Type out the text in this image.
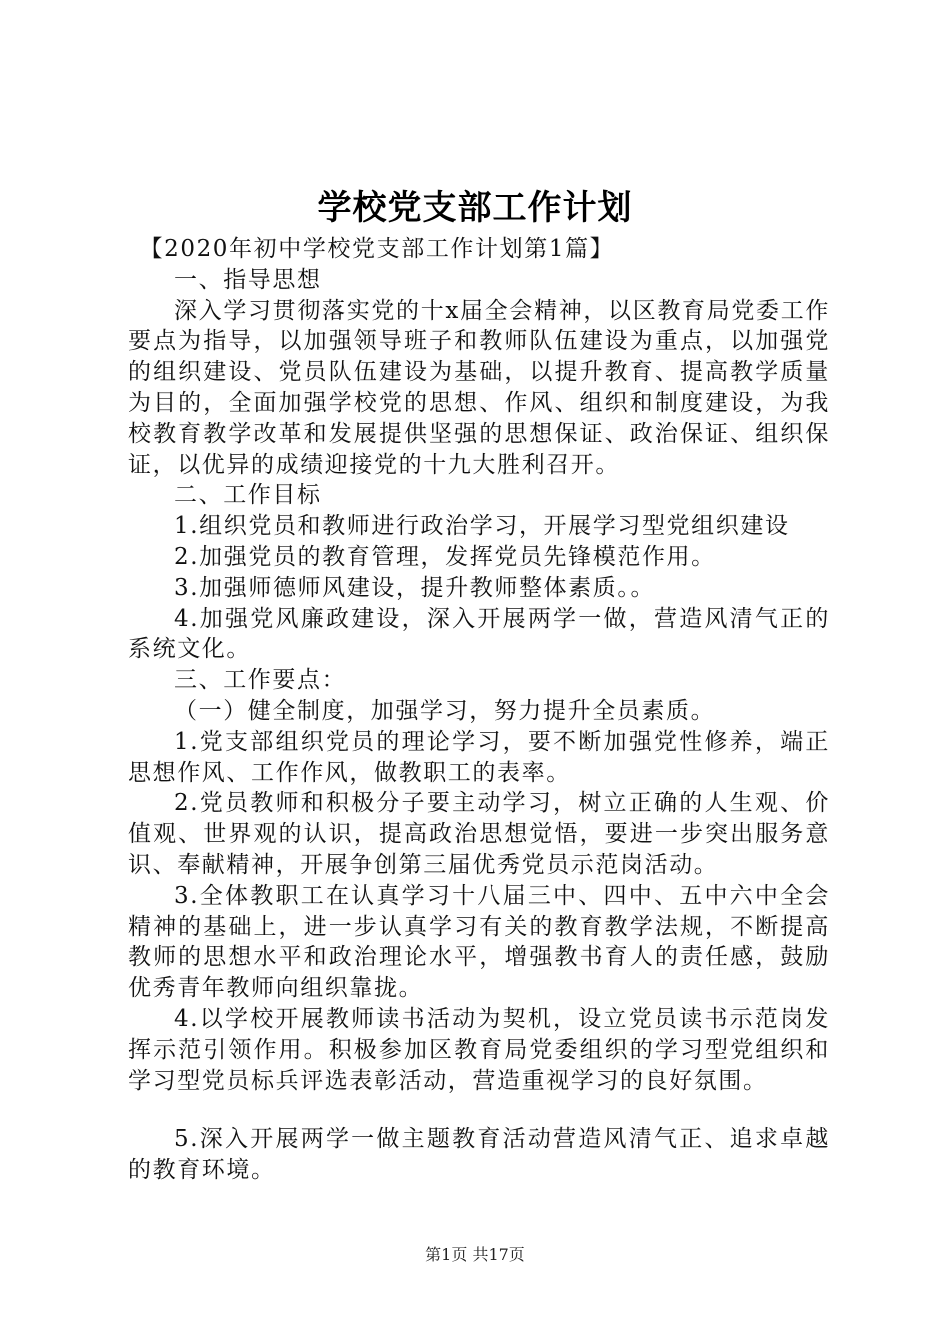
学校党支部工作计划

【2020年初中学校党支部工作计划第1篇】

一、指导思想

深入学习贯彻落实党的十x届全会精神，以区教育局党委工作要点为指导，以加强领导班子和教师队伍建设为重点，以加强党的组织建设、党员队伍建设为基础，以提升教育、提高教学质量为目的，全面加强学校党的思想、作风、组织和制度建设，为我校教育教学改革和发展提供坚强的思想保证、政治保证、组织保证，以优异的成绩迎接党的十九大胜利召开。

二、工作目标

1.组织党员和教师进行政治学习，开展学习型党组织建设

2.加强党员的教育管理，发挥党员先锋模范作用。

3.加强师德师风建设，提升教师整体素质。。

4.加强党风廉政建设，深入开展两学一做，营造风清气正的系统文化。

三、工作要点：

（一）健全制度，加强学习，努力提升全员素质。

1.党支部组织党员的理论学习，要不断加强党性修养，端正思想作风、工作作风，做教职工的表率。

2.党员教师和积极分子要主动学习，树立正确的人生观、价值观、世界观的认识，提高政治思想觉悟，要进一步突出服务意识、奉献精神，开展争创第三届优秀党员示范岗活动。

3.全体教职工在认真学习十八届三中、四中、五中六中全会精神的基础上，进一步认真学习有关的教育教学法规，不断提高教师的思想水平和政治理论水平，增强教书育人的责任感，鼓励优秀青年教师向组织靠拢。

4.以学校开展教师读书活动为契机，设立党员读书示范岗发挥示范引领作用。积极参加区教育局党委组织的学习型党组织和学习型党员标兵评选表彰活动，营造重视学习的良好氛围。

5.深入开展两学一做主题教育活动营造风清气正、追求卓越的教育环境。

第1页 共17页
